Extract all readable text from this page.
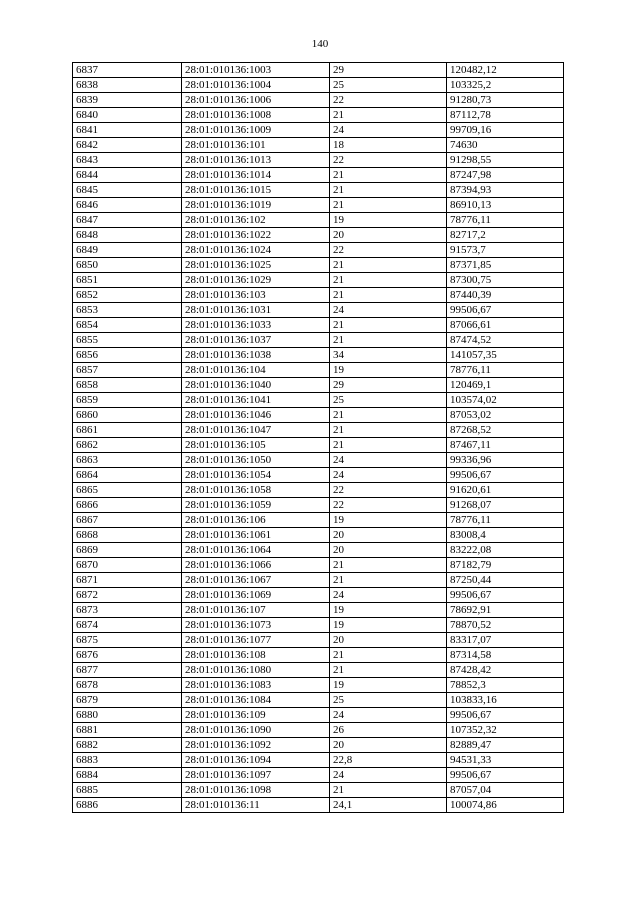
140
6837	28:01:010136:1003	29	120482,12
6838	28:01:010136:1004	25	103325,2
6839	28:01:010136:1006	22	91280,73
6840	28:01:010136:1008	21	87112,78
6841	28:01:010136:1009	24	99709,16
6842	28:01:010136:101	18	74630
6843	28:01:010136:1013	22	91298,55
6844	28:01:010136:1014	21	87247,98
6845	28:01:010136:1015	21	87394,93
6846	28:01:010136:1019	21	86910,13
6847	28:01:010136:102	19	78776,11
6848	28:01:010136:1022	20	82717,2
6849	28:01:010136:1024	22	91573,7
6850	28:01:010136:1025	21	87371,85
6851	28:01:010136:1029	21	87300,75
6852	28:01:010136:103	21	87440,39
6853	28:01:010136:1031	24	99506,67
6854	28:01:010136:1033	21	87066,61
6855	28:01:010136:1037	21	87474,52
6856	28:01:010136:1038	34	141057,35
6857	28:01:010136:104	19	78776,11
6858	28:01:010136:1040	29	120469,1
6859	28:01:010136:1041	25	103574,02
6860	28:01:010136:1046	21	87053,02
6861	28:01:010136:1047	21	87268,52
6862	28:01:010136:105	21	87467,11
6863	28:01:010136:1050	24	99336,96
6864	28:01:010136:1054	24	99506,67
6865	28:01:010136:1058	22	91620,61
6866	28:01:010136:1059	22	91268,07
6867	28:01:010136:106	19	78776,11
6868	28:01:010136:1061	20	83008,4
6869	28:01:010136:1064	20	83222,08
6870	28:01:010136:1066	21	87182,79
6871	28:01:010136:1067	21	87250,44
6872	28:01:010136:1069	24	99506,67
6873	28:01:010136:107	19	78692,91
6874	28:01:010136:1073	19	78870,52
6875	28:01:010136:1077	20	83317,07
6876	28:01:010136:108	21	87314,58
6877	28:01:010136:1080	21	87428,42
6878	28:01:010136:1083	19	78852,3
6879	28:01:010136:1084	25	103833,16
6880	28:01:010136:109	24	99506,67
6881	28:01:010136:1090	26	107352,32
6882	28:01:010136:1092	20	82889,47
6883	28:01:010136:1094	22,8	94531,33
6884	28:01:010136:1097	24	99506,67
6885	28:01:010136:1098	21	87057,04
6886	28:01:010136:11	24,1	100074,86
